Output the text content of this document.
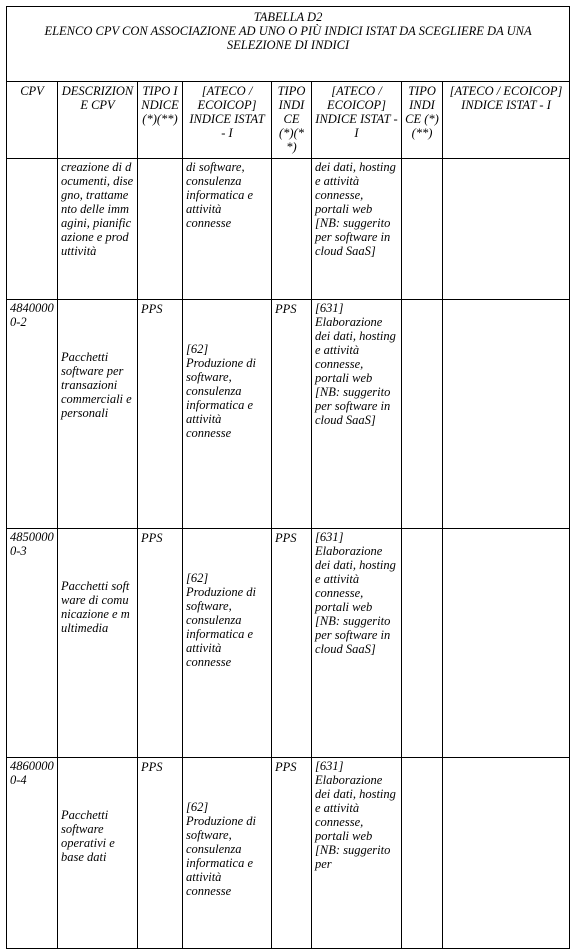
TABELLA D2
ELENCO CPV CON ASSOCIAZIONE AD UNO O PIÙ INDICI ISTAT DA SCEGLIERE DA UNA SELEZIONE DI INDICI							

CPV	DESCRIZIONE CPV	TIPO INDICE (*)(**)	[ATECO / ECOICOP] INDICE ISTAT - I	TIPO INDICE (*)(**)	[ATECO / ECOICOP] INDICE ISTAT - I	TIPO INDICE (*)(**)	[ATECO / ECOICOP] INDICE ISTAT - I
	creazione di documenti, disegno, trattamento delle immagini, pianificazione e produttività		di software, consulenza informatica e attività connesse		dei dati, hosting e attività connesse, portali web [NB: suggerito per software in cloud SaaS]		
48400000-2	Pacchetti software per transazioni commerciali e personali	PPS	[62] Produzione di software, consulenza informatica e attività connesse	PPS	[631] Elaborazione dei dati, hosting e attività connesse, portali web [NB: suggerito per software in cloud SaaS]		
48500000-3	Pacchetti software di comunicazione e multimedia	PPS	[62] Produzione di software, consulenza informatica e attività connesse	PPS	[631] Elaborazione dei dati, hosting e attività connesse, portali web [NB: suggerito per software in cloud SaaS]		
48600000-4	Pacchetti software operativi e base dati	PPS	[62] Produzione di software, consulenza informatica e attività connesse	PPS	[631] Elaborazione dei dati, hosting e attività connesse, portali web [NB: suggerito per		
